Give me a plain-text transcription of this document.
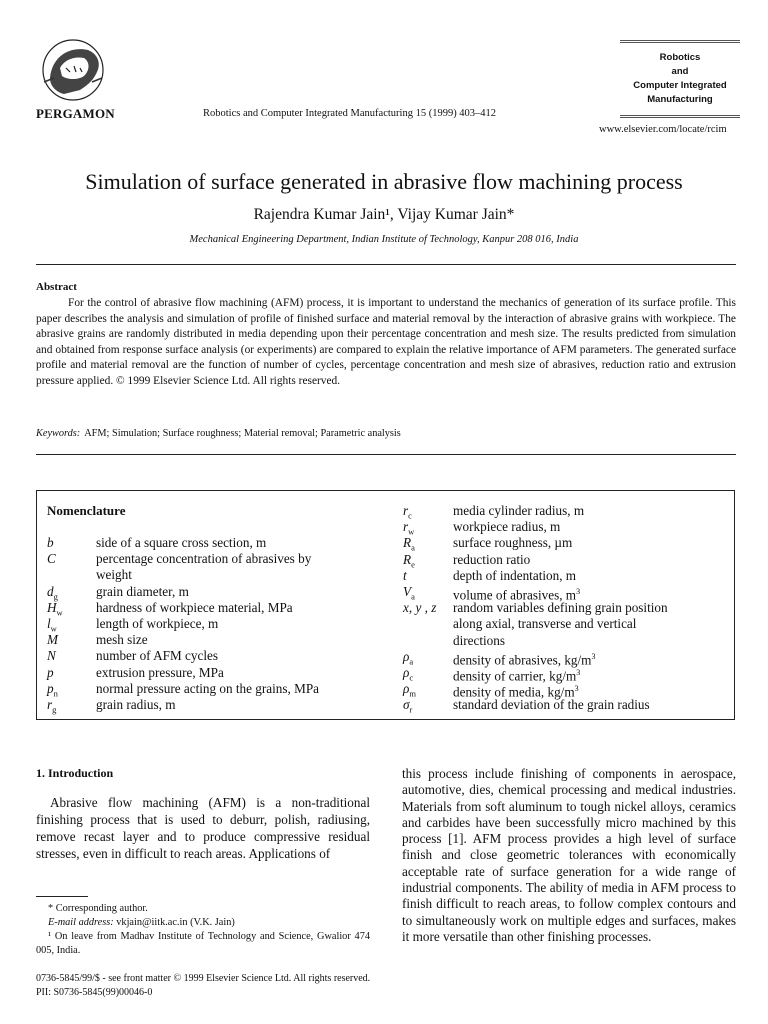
PERGAMON	Robotics and Computer Integrated Manufacturing 15 (1999) 403–412
Robotics
and
Computer Integrated
Manufacturing
www.elsevier.com/locate/rcim
Simulation of surface generated in abrasive flow machining process
Rajendra Kumar Jain¹, Vijay Kumar Jain*
Mechanical Engineering Department, Indian Institute of Technology, Kanpur 208 016, India
Abstract
For the control of abrasive flow machining (AFM) process, it is important to understand the mechanics of generation of its surface profile. This paper describes the analysis and simulation of profile of finished surface and material removal by the interaction of abrasive grains with workpiece. The abrasive grains are randomly distributed in media depending upon their percentage concentration and mesh size. The results predicted from simulation and obtained from response surface analysis (or experiments) are compared to explain the relative importance of AFM parameters. The generated surface profile and material removal are the function of number of cycles, percentage concentration and mesh size of abrasives, reduction ratio and extrusion pressure applied. © 1999 Elsevier Science Ltd. All rights reserved.
Keywords: AFM; Simulation; Surface roughness; Material removal; Parametric analysis
Nomenclature
b	side of a square cross section, m
C	percentage concentration of abrasives by
weight
$d_g$	grain diameter, m
$H_w$	hardness of workpiece material, MPa
$l_w$	length of workpiece, m
M	mesh size
N	number of AFM cycles
p	extrusion pressure, MPa
$p_n$	normal pressure acting on the grains, MPa
$r_g$	grain radius, m
$r_c$	media cylinder radius, m
$r_w$	workpiece radius, m
$R_a$	surface roughness, µm
$R_e$	reduction ratio
t	depth of indentation, m
$V_a$	volume of abrasives, $m^3$
x, y , z random variables defining grain position
along axial, transverse and vertical
directions
$\rho_a$	density of abrasives, $kg/m^3$
$\rho_c$	density of carrier, $kg/m^3$
$\rho_m$	density of media, $kg/m^3$
$\sigma_r$	standard deviation of the grain radius
1. Introduction
Abrasive flow machining (AFM) is a non-traditional finishing process that is used to deburr, polish, radiusing, remove recast layer and to produce compressive residual stresses, even in difficult to reach areas. Applications of
this process include finishing of components in aerospace, automotive, dies, chemical processing and medical industries. Materials from soft aluminum to tough nickel alloys, ceramics and carbides have been successfully micro machined by this process [1]. AFM process provides a high level of surface finish and close geometric tolerances with economically acceptable rate of surface generation for a wide range of industrial components. The ability of media in AFM process to finish difficult to reach areas, to follow complex contours and to simultaneously work on multiple edges and surfaces, makes it more versatile than other finishing processes.

* Corresponding author.

E-mail address: vkjain@iitk.ac.in (V.K. Jain)

¹ On leave from Madhav Institute of Technology and Science, Gwalior 474 005, India.

0736-5845/99/$ - see front matter © 1999 Elsevier Science Ltd. All rights reserved.
PII: S0736-5845(99)00046-0
